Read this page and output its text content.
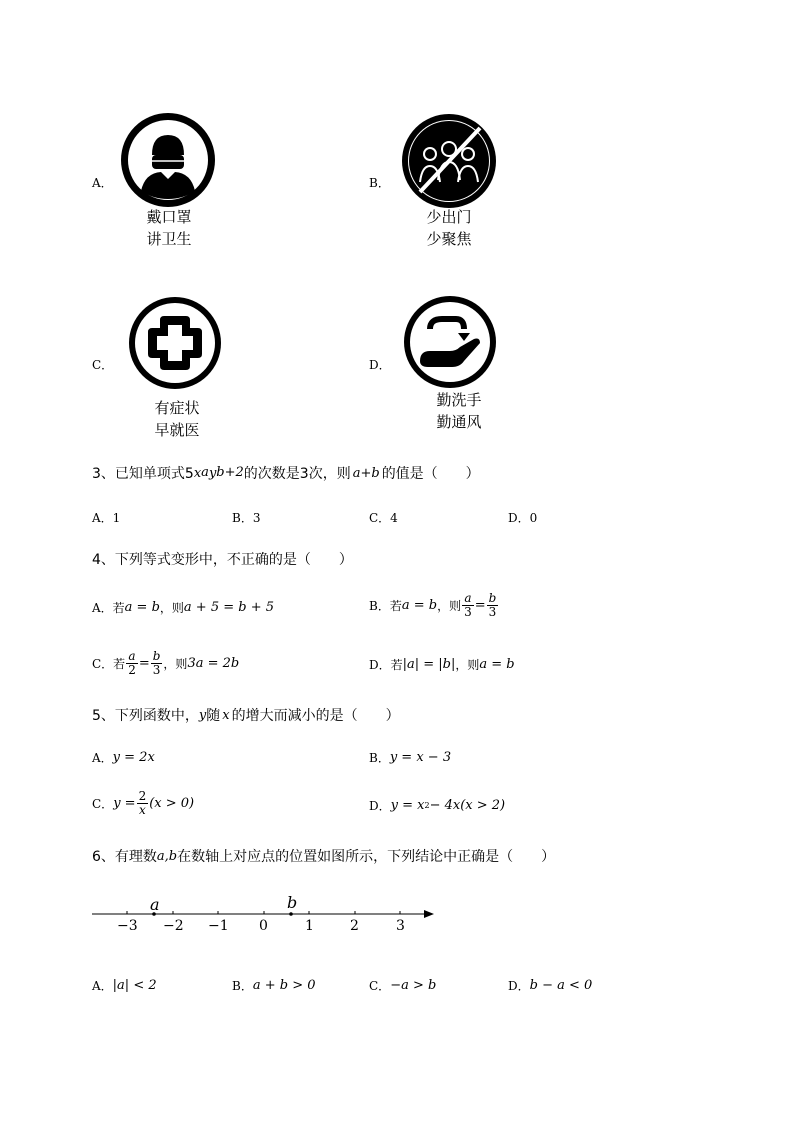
A．
戴口罩
讲卫生
B．
少出门
少聚焦
C．
有症状
早就医
D．
勤洗手
勤通风
3、已知单项式5 x a y b+2 的次数是3次，则 a+b 的值是（　　）
A．1	B．3	C．4	D．0
4、下列等式变形中，不正确的是（　　）
A．若 a = b ，则 a + 5 = b + 5	B．若 a = b ，则 $\frac{a}{3} = \frac{b}{3}$
C．若 $\frac{a}{2} = \frac{b}{3}$ ，则 3a = 2b	D．若 |a| = |b| ，则 a = b
5、下列函数中， y 随 x 的增大而减小的是（　　）
A． y = 2x	B． y = x − 3
C． $y = \frac{2}{x} (x > 0)$	D． y = x 2 − 4x(x > 2)
6、有理数 a,b 在数轴上对应点的位置如图所示，下列结论中正确是（　　）
a	b
−3 −2 −1 0	1	2	3
A． |a| < 2	B． a + b > 0	C． −a > b	D． b − a < 0
